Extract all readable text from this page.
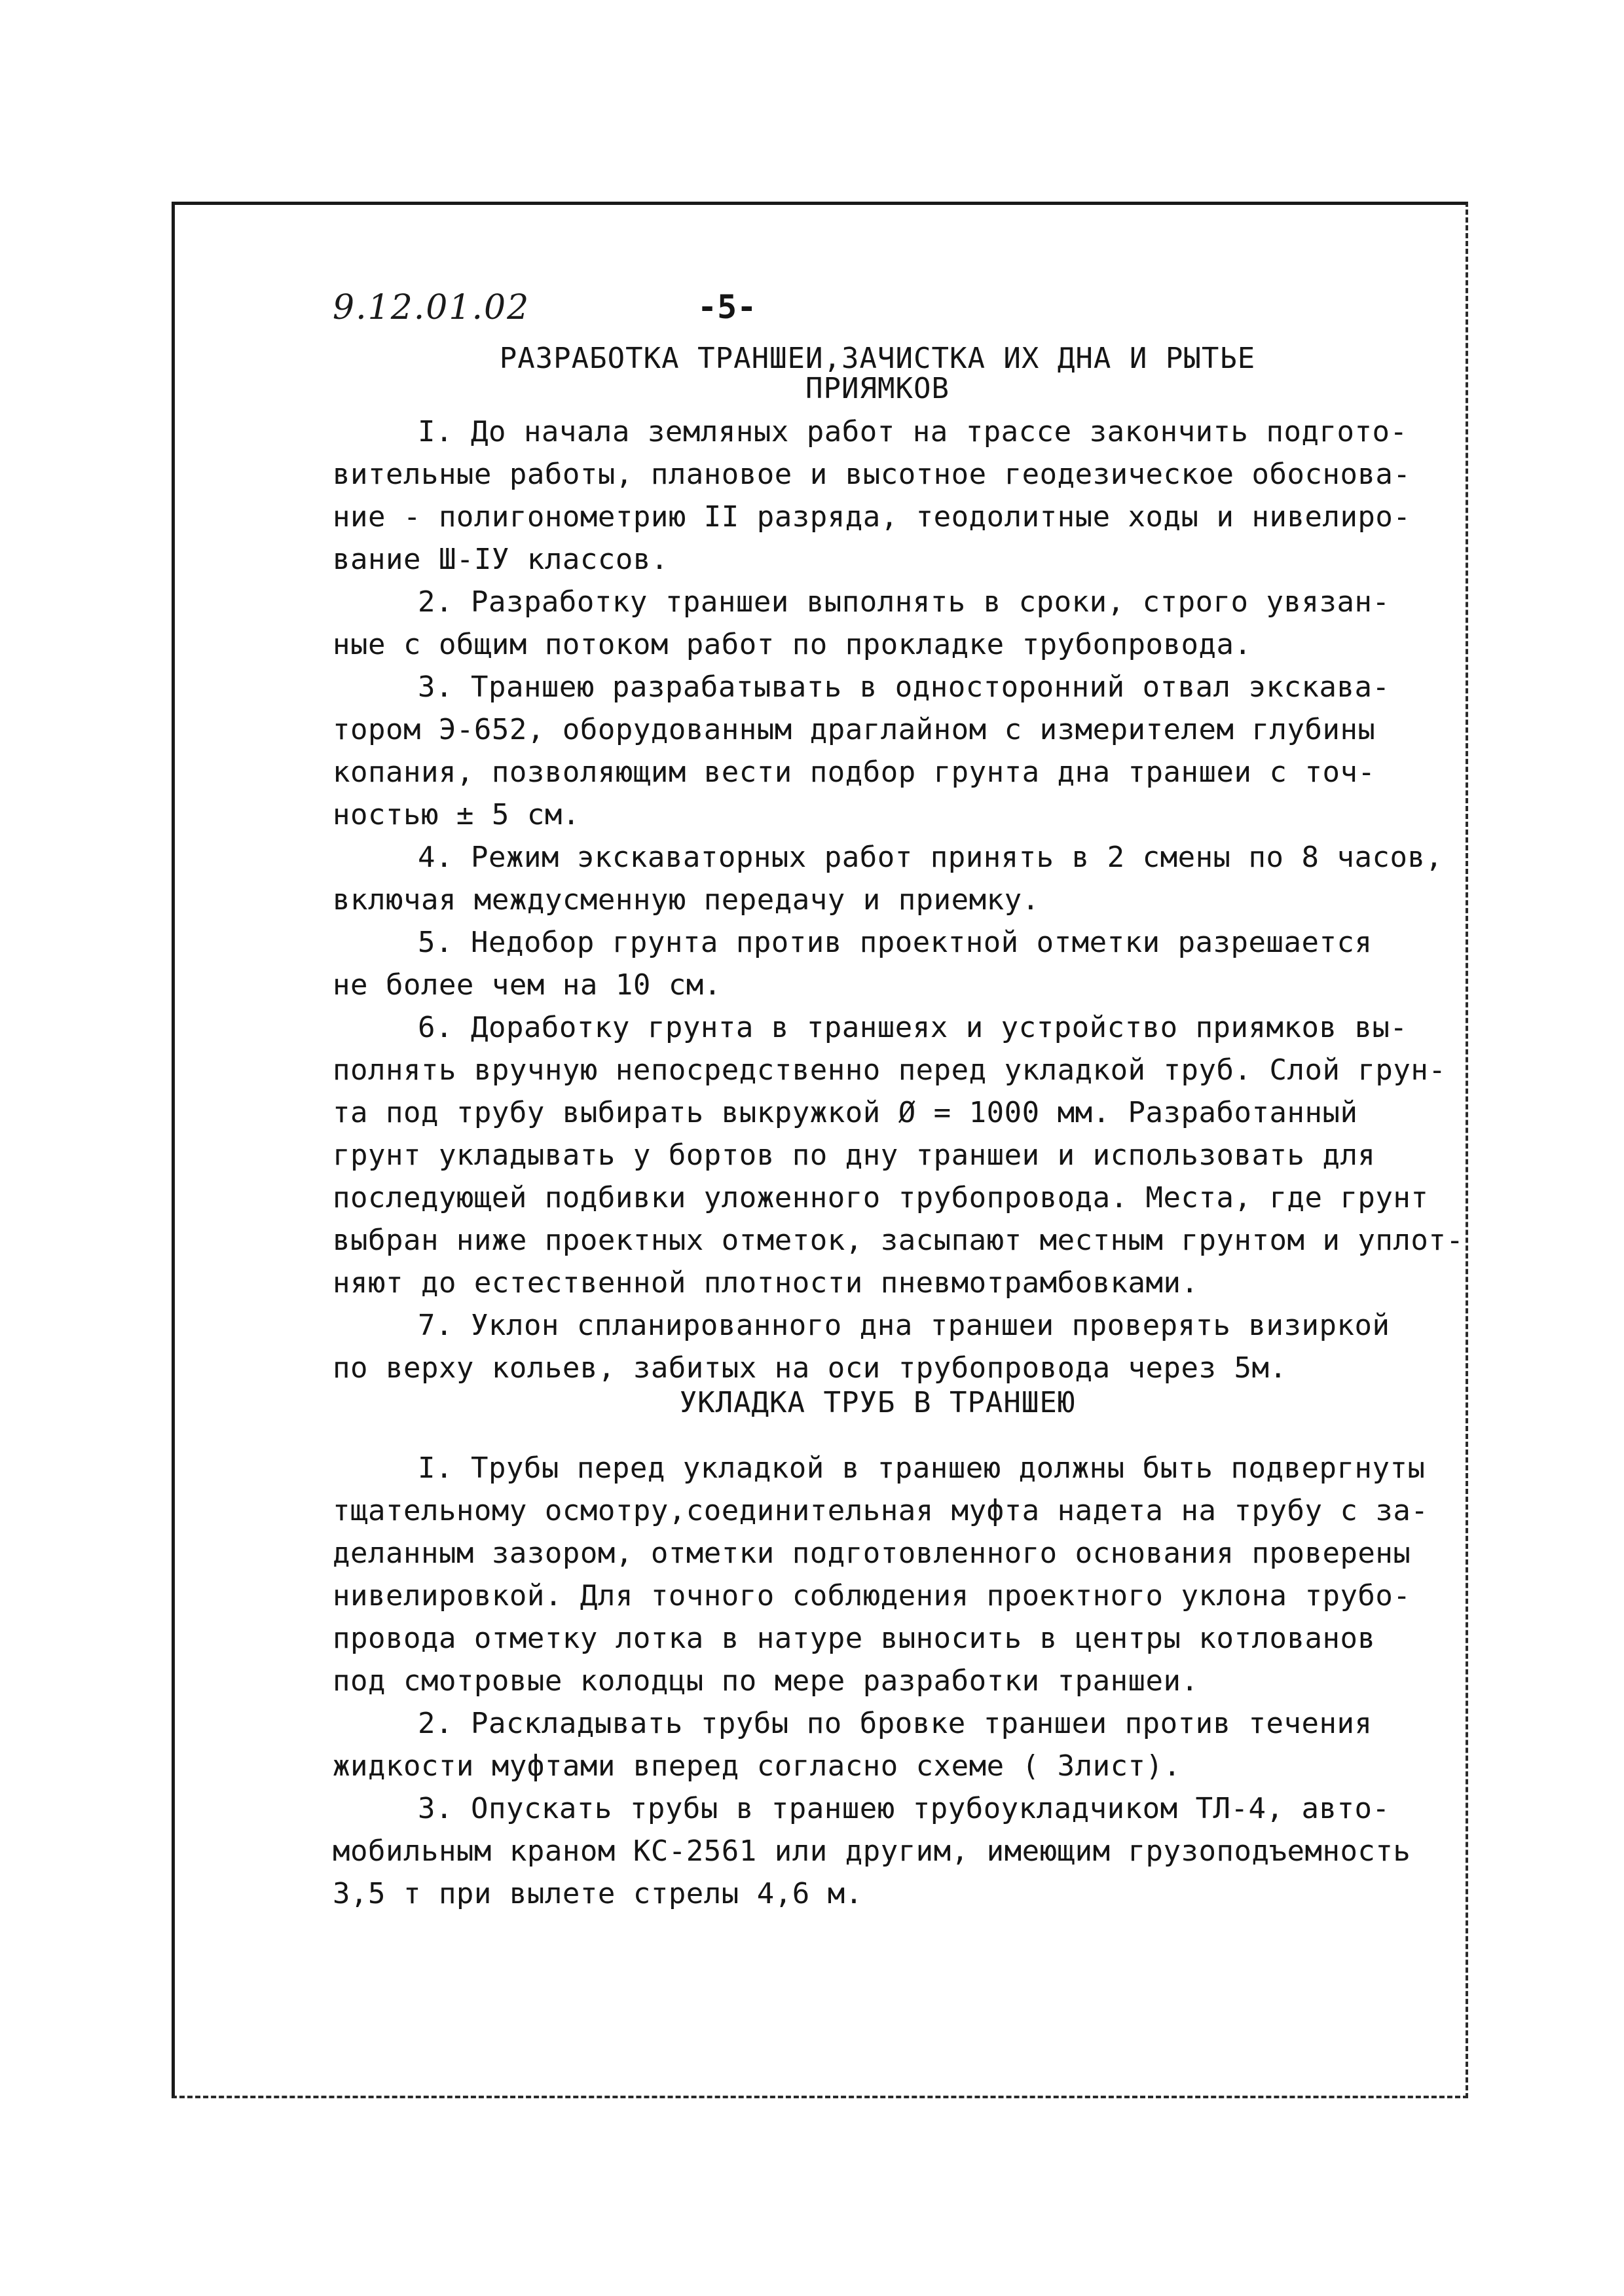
9.12.01.02	-5-
РАЗРАБОТКА ТРАНШЕИ,ЗАЧИСТКА ИХ ДНА И РЫТЬЕ
ПРИЯМКОВ
I. До начала земляных работ на трассе закончить подгото-
вительные работы, плановое и высотное геодезическое обоснова-
ние - полигонометрию II разряда, теодолитные ходы и нивелиро-
вание Ш-IУ классов.
2. Разработку траншеи выполнять в сроки, строго увязан-
ные с общим потоком работ по прокладке трубопровода.
3. Траншею разрабатывать в односторонний отвал экскава-
тором Э-652, оборудованным драглайном с измерителем глубины
копания, позволяющим вести подбор грунта дна траншеи с точ-
ностью ± 5 см.
4. Режим экскаваторных работ принять в 2 смены по 8 часов,
включая междусменную передачу и приемку.
5. Недобор грунта против проектной отметки разрешается
не более чем на 10 см.
6. Доработку грунта в траншеях и устройство приямков вы-
полнять вручную непосредственно перед укладкой труб. Слой грун-
та под трубу выбирать выкружкой Ø = 1000 мм. Разработанный
грунт укладывать у бортов по дну траншеи и использовать для
последующей подбивки уложенного трубопровода. Места, где грунт
выбран ниже проектных отметок, засыпают местным грунтом и уплот-
няют до естественной плотности пневмотрамбовками.
7. Уклон спланированного дна траншеи проверять визиркой
по верху кольев, забитых на оси трубопровода через 5м.
УКЛАДКА ТРУБ В ТРАНШЕЮ
I. Трубы перед укладкой в траншею должны быть подвергнуты
тщательному осмотру,соединительная муфта надета на трубу с за-
деланным зазором, отметки подготовленного основания проверены
нивелировкой. Для точного соблюдения проектного уклона трубо-
провода отметку лотка в натуре выносить в центры котлованов
под смотровые колодцы по мере разработки траншеи.
2. Раскладывать трубы по бровке траншеи против течения
жидкости муфтами вперед согласно схеме ( 3лист).
3. Опускать трубы в траншею трубоукладчиком ТЛ-4, авто-
мобильным краном КС-2561 или другим, имеющим грузоподъемность
3,5 т при вылете стрелы 4,6 м.
